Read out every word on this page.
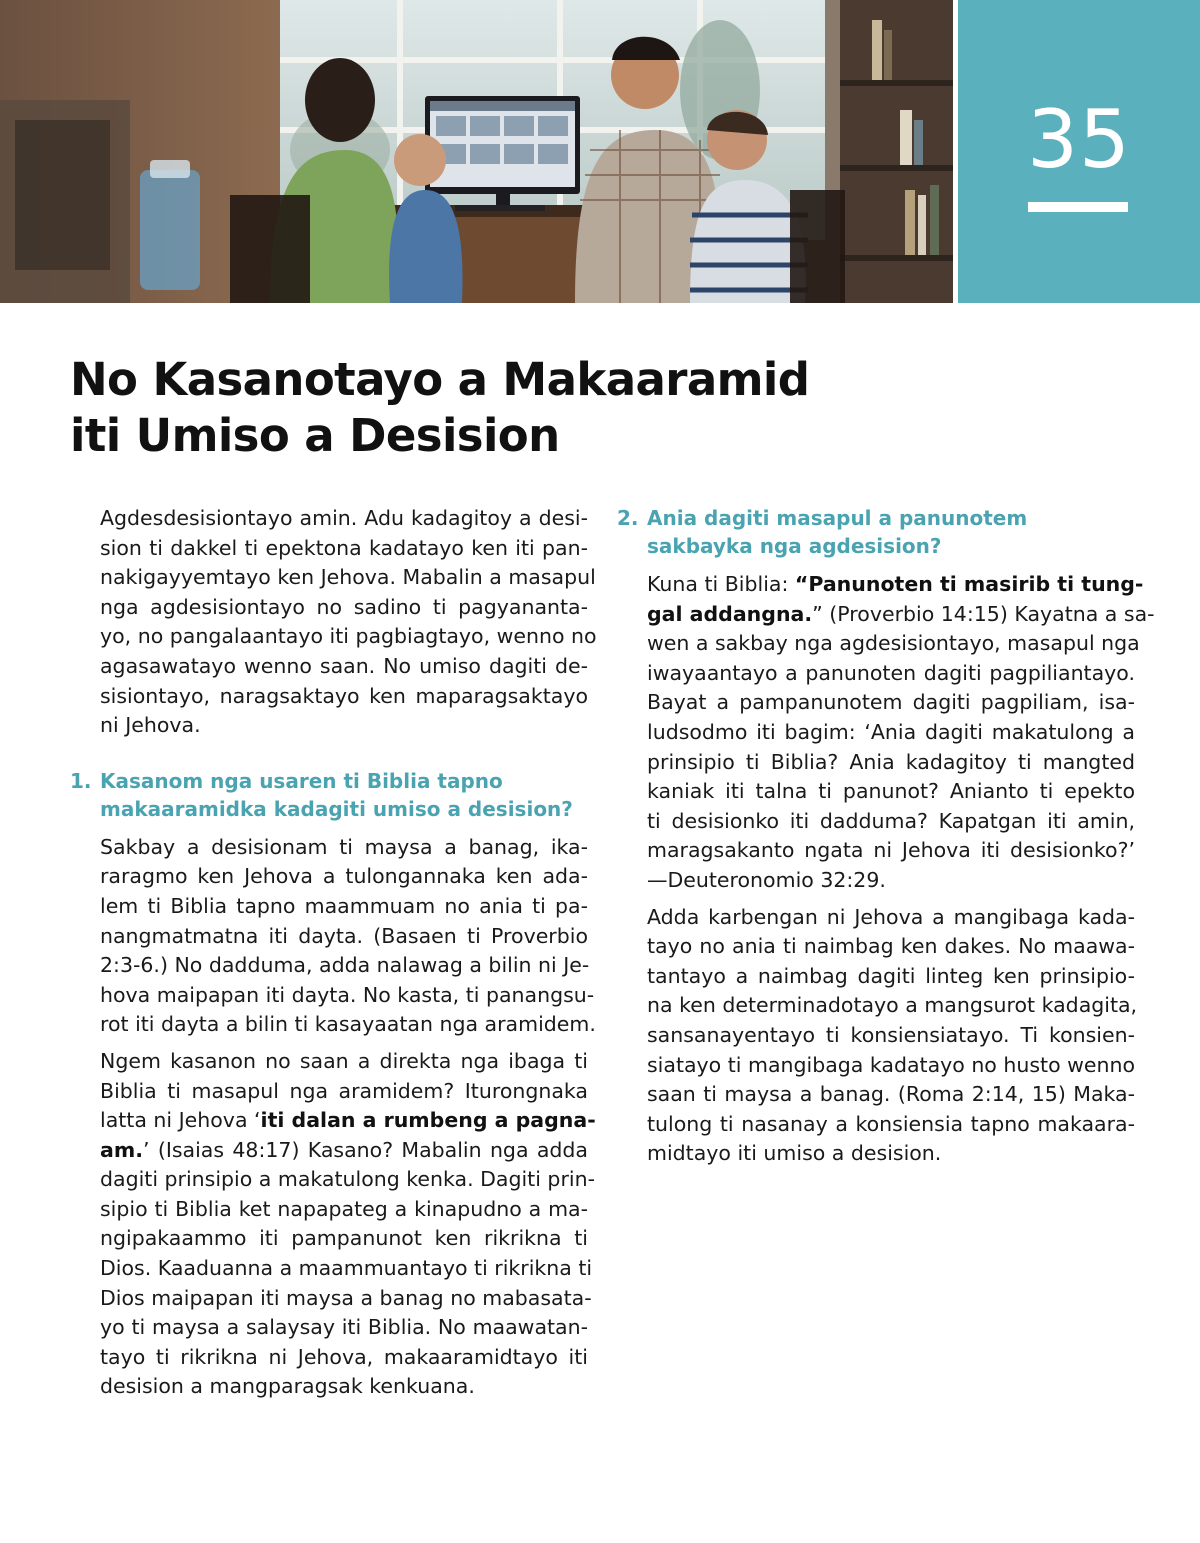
35
No Kasanotayo a Makaaramid
iti Umiso a Desision

Agdesdesisiontayo amin. Adu kadagitoy a desi-
sion ti dakkel ti epektona kadatayo ken iti pan-
nakigayyemtayo ken Jehova. Mabalin a masapul
nga agdesisiontayo no sadino ti pagyananta-
yo, no pangalaantayo iti pagbiagtayo, wenno no
agasawatayo wenno saan. No umiso dagiti de-
sisiontayo, naragsaktayo ken maparagsaktayo
ni Jehova.

1. Kasanom nga usaren ti Biblia tapno
makaaramidka kadagiti umiso a desision?

Sakbay a desisionam ti maysa a banag, ika-
raragmo ken Jehova a tulongannaka ken ada-
lem ti Biblia tapno maammuam no ania ti pa-
nangmatmatna iti dayta. (Basaen ti Proverbio
2:3-6.) No dadduma, adda nalawag a bilin ni Je-
hova maipapan iti dayta. No kasta, ti panangsu-
rot iti dayta a bilin ti kasayaatan nga aramidem.

Ngem kasanon no saan a direkta nga ibaga ti
Biblia ti masapul nga aramidem? Iturongnaka
latta ni Jehova ‘iti dalan a rumbeng a pagna-
am.’ (Isaias 48:17) Kasano? Mabalin nga adda
dagiti prinsipio a makatulong kenka. Dagiti prin-
sipio ti Biblia ket napapateg a kinapudno a ma-
ngipakaammo iti pampanunot ken rikrikna ti
Dios. Kaaduanna a maammuantayo ti rikrikna ti
Dios maipapan iti maysa a banag no mabasata-
yo ti maysa a salaysay iti Biblia. No maawatan-
tayo ti rikrikna ni Jehova, makaaramidtayo iti
desision a mangparagsak kenkuana.

2. Ania dagiti masapul a panunotem
sakbayka nga agdesision?

Kuna ti Biblia: “Panunoten ti masirib ti tung-
gal addangna.” (Proverbio 14:15) Kayatna a sa-
wen a sakbay nga agdesisiontayo, masapul nga
iwayaantayo a panunoten dagiti pagpiliantayo.
Bayat a pampanunotem dagiti pagpiliam, isa-
ludsodmo iti bagim: ‘Ania dagiti makatulong a
prinsipio ti Biblia? Ania kadagitoy ti mangted
kaniak iti talna ti panunot? Anianto ti epekto
ti desisionko iti dadduma? Kapatgan iti amin,
maragsakanto ngata ni Jehova iti desisionko?’
—Deuteronomio 32:29.

Adda karbengan ni Jehova a mangibaga kada-
tayo no ania ti naimbag ken dakes. No maawa-
tantayo a naimbag dagiti linteg ken prinsipio-
na ken determinadotayo a mangsurot kadagita,
sansanayentayo ti konsiensiatayo. Ti konsien-
siatayo ti mangibaga kadatayo no husto wenno
saan ti maysa a banag. (Roma 2:14, 15) Maka-
tulong ti nasanay a konsiensia tapno makaara-
midtayo iti umiso a desision.
